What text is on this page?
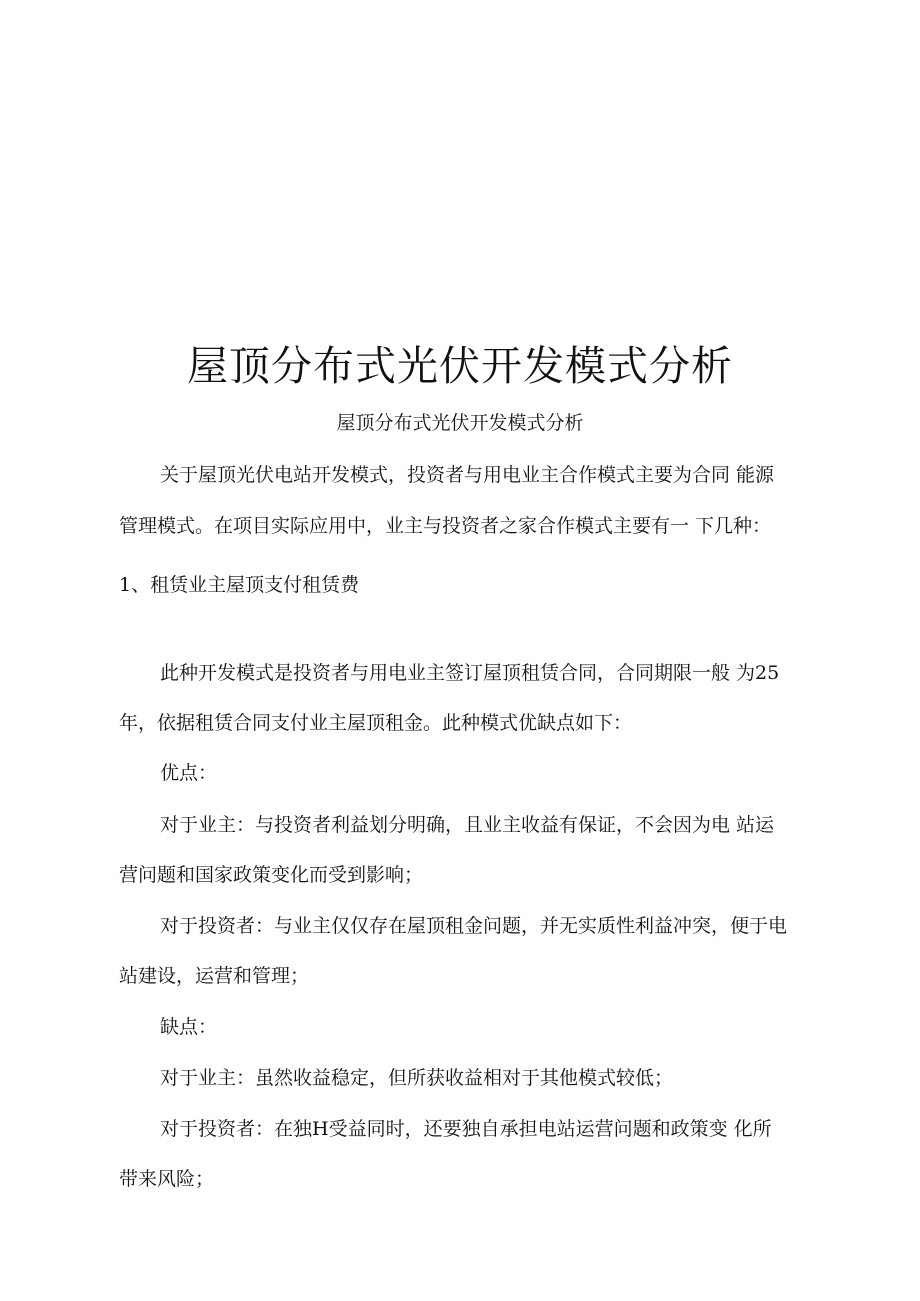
屋顶分布式光伏开发模式分析
屋顶分布式光伏开发模式分析
关于屋顶光伏电站开发模式，投资者与用电业主合作模式主要为合同 能源
管理模式。在项目实际应用中，业主与投资者之家合作模式主要有一 下几种：
1、租赁业主屋顶支付租赁费
此种开发模式是投资者与用电业主签订屋顶租赁合同，合同期限一般 为25
年，依据租赁合同支付业主屋顶租金。此种模式优缺点如下：
优点：
对于业主：与投资者利益划分明确，且业主收益有保证，不会因为电 站运
营问题和国家政策变化而受到影响；
对于投资者：与业主仅仅存在屋顶租金问题，并无实质性利益冲突，便于电
站建设，运营和管理；
缺点：
对于业主：虽然收益稳定，但所获收益相对于其他模式较低；
对于投资者：在独H受益同时，还要独自承担电站运营问题和政策变 化所
带来风险；
